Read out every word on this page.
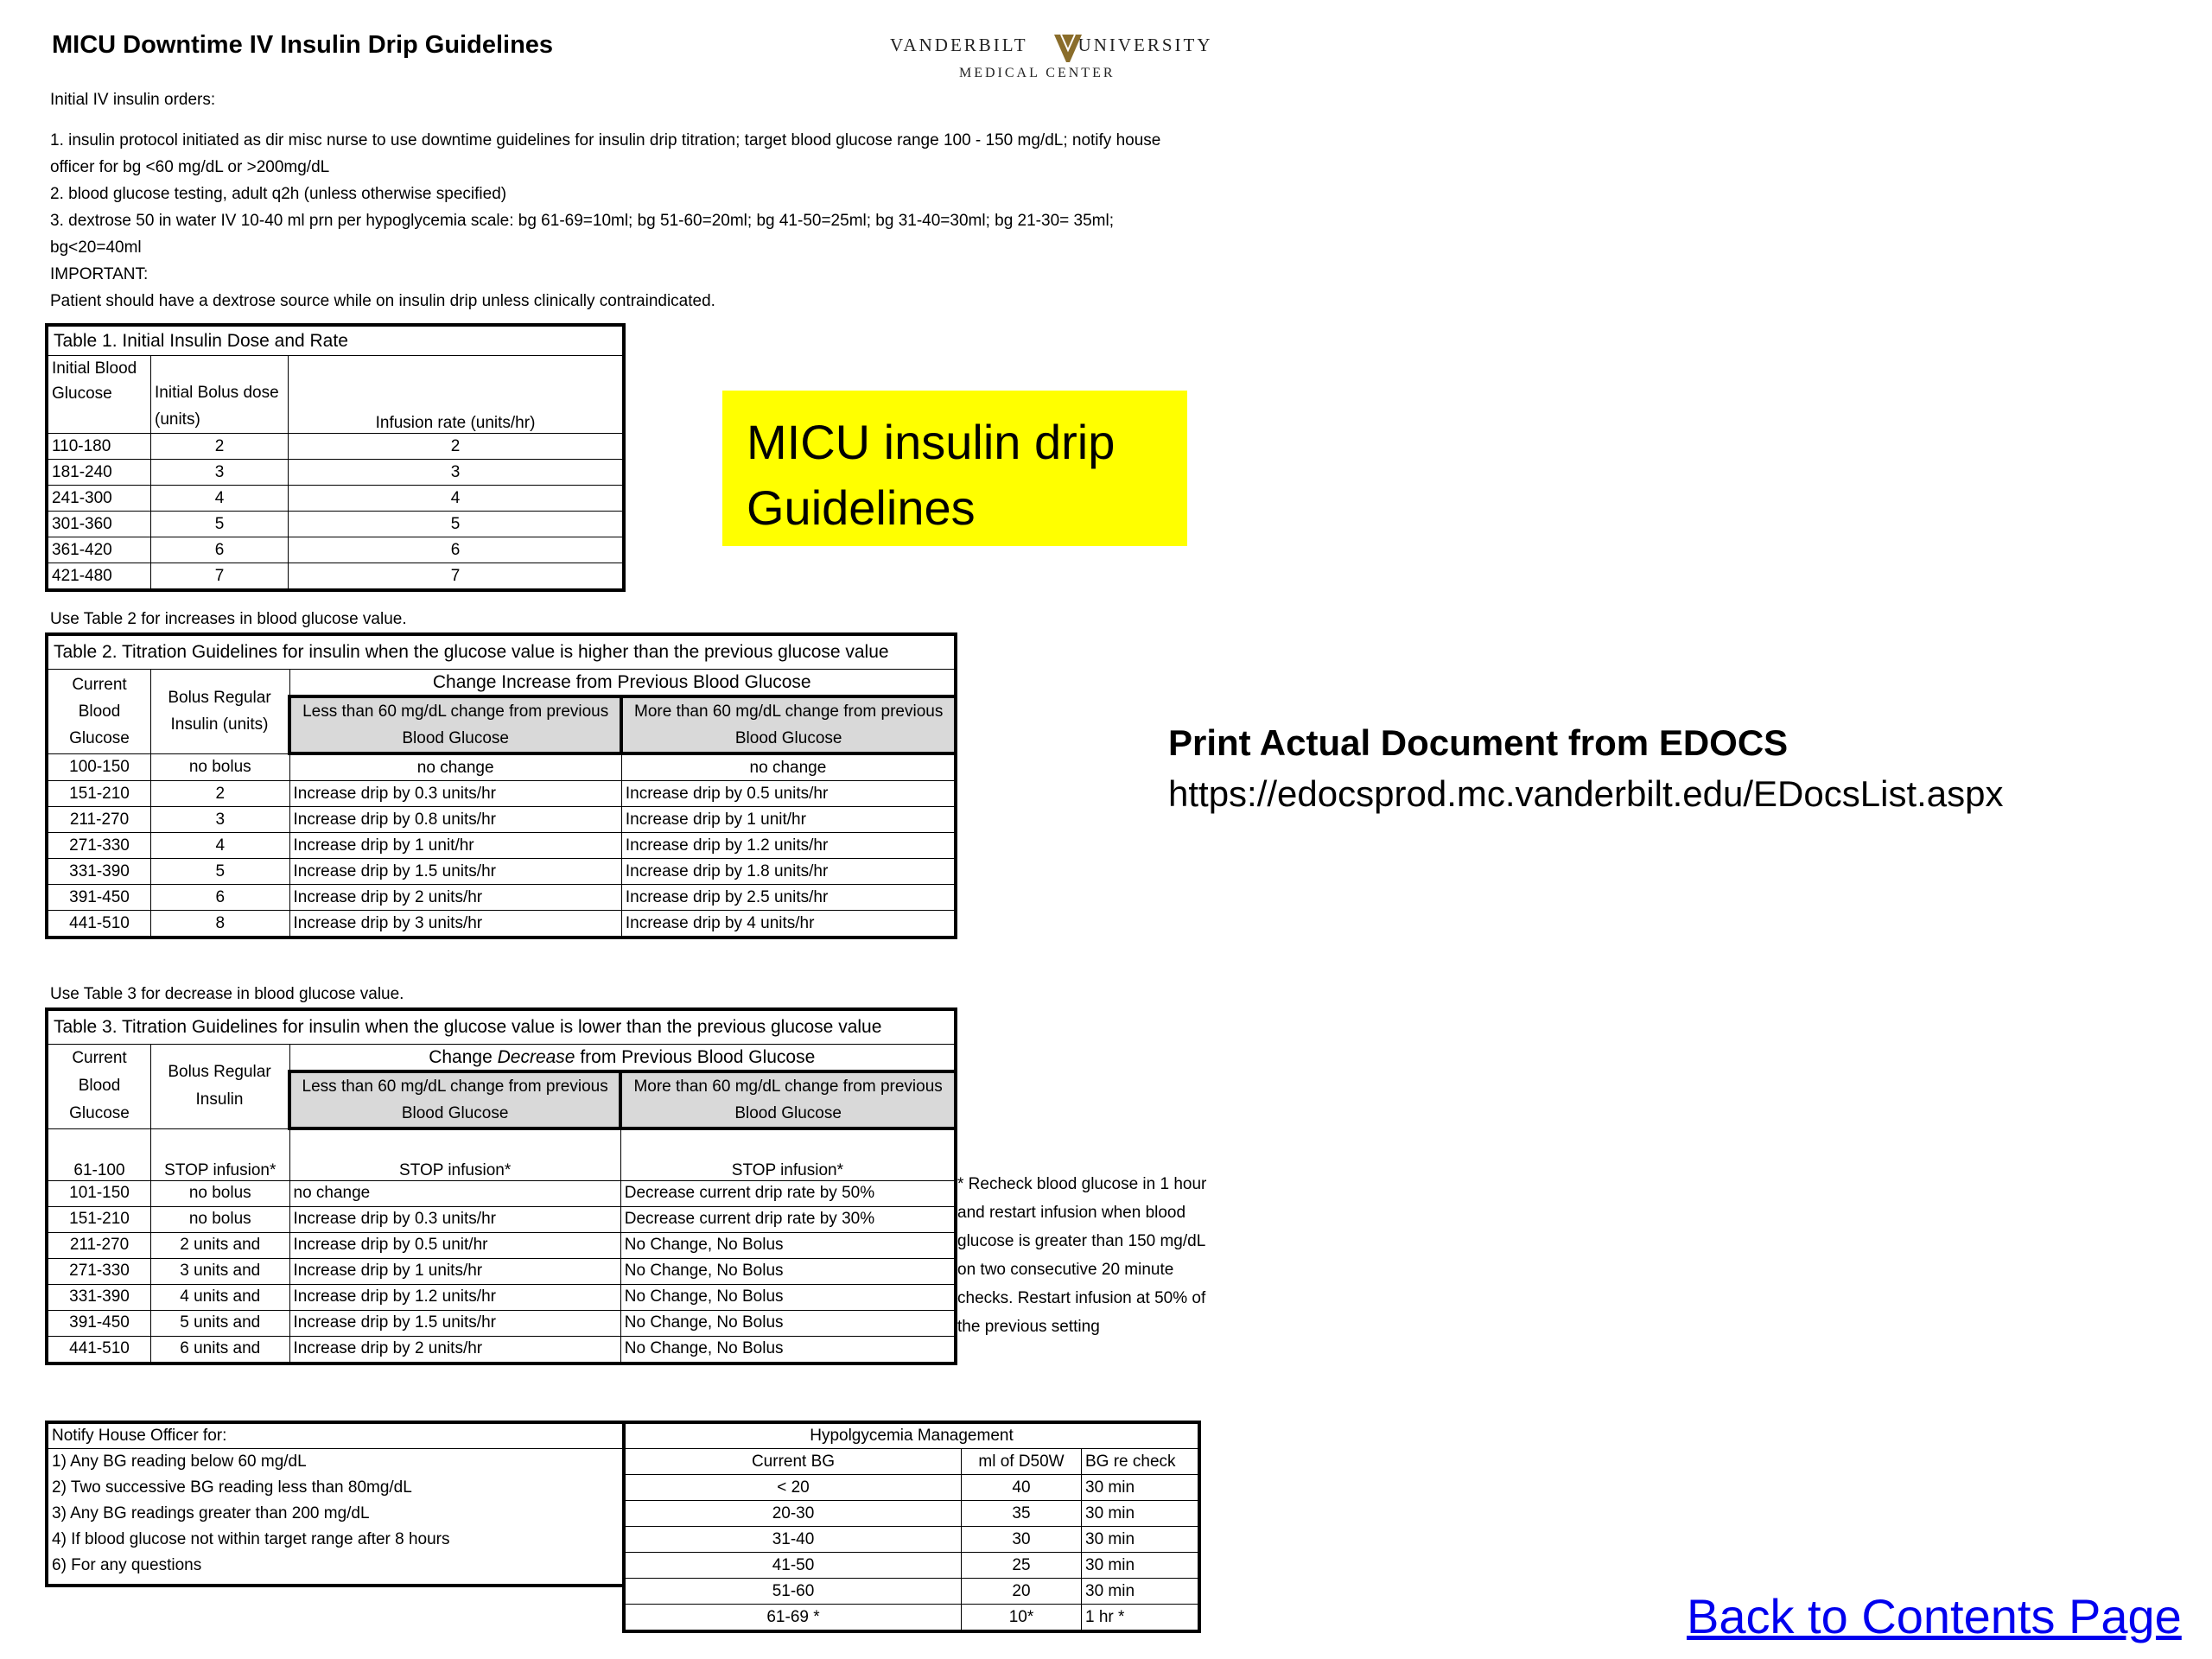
MICU Downtime IV Insulin Drip Guidelines	VANDERBILT	UNIVERSITY
MEDICAL CENTER
Initial IV insulin orders:
1. insulin protocol initiated as dir misc nurse to use downtime guidelines for insulin drip titration; target blood glucose range 100 - 150 mg/dL; notify house officer for bg <60 mg/dL or >200mg/dL
2. blood glucose testing, adult q2h (unless otherwise specified)
3. dextrose 50 in water IV 10-40 ml prn per hypoglycemia scale: bg 61-69=10ml; bg 51-60=20ml; bg 41-50=25ml; bg 31-40=30ml; bg 21-30= 35ml; bg<20=40ml
IMPORTANT:
Patient should have a dextrose source while on insulin drip unless clinically contraindicated.
Table 1. Initial Insulin Dose and Rate		
Initial Blood Glucose	Initial Bolus dose (units)	Infusion rate (units/hr)
110-180	2	2
181-240	3	3
241-300	4	4
301-360	5	5
361-420	6	6
421-480	7	7
MICU insulin drip
Guidelines
Use Table 2 for increases in blood glucose value.
Table 2. Titration Guidelines for insulin when the glucose value is higher than the previous glucose value			
Current Blood Glucose	Bolus Regular Insulin (units)	Change Increase from Previous Blood Glucose	
		Less than 60 mg/dL change from previous Blood Glucose	More than 60 mg/dL change from previous Blood Glucose
100-150	no bolus	no change	no change
151-210	2	Increase drip by 0.3 units/hr	Increase drip by 0.5 units/hr
211-270	3	Increase drip by 0.8 units/hr	Increase drip by 1 unit/hr
271-330	4	Increase drip by 1 unit/hr	Increase drip by 1.2 units/hr
331-390	5	Increase drip by 1.5 units/hr	Increase drip by 1.8 units/hr
391-450	6	Increase drip by 2 units/hr	Increase drip by 2.5 units/hr
441-510	8	Increase drip by 3 units/hr	Increase drip by 4 units/hr
Use Table 3 for decrease in blood glucose value.
Table 3. Titration Guidelines for insulin when the glucose value is lower than the previous glucose value			
Current Blood Glucose	Bolus Regular Insulin	Change Decrease from Previous Blood Glucose	
		Less than 60 mg/dL change from previous Blood Glucose	More than 60 mg/dL change from previous Blood Glucose
61-100	STOP infusion*	STOP infusion*	STOP infusion*
101-150	no bolus	no change	Decrease current drip rate by 50%
151-210	no bolus	Increase drip by 0.3 units/hr	Decrease current drip rate by 30%
211-270	2 units and	Increase drip by 0.5 unit/hr	No Change, No Bolus
271-330	3 units and	Increase drip by 1 units/hr	No Change, No Bolus
331-390	4 units and	Increase drip by 1.2 units/hr	No Change, No Bolus
391-450	5 units and	Increase drip by 1.5 units/hr	No Change, No Bolus
441-510	6 units and	Increase drip by 2 units/hr	No Change, No Bolus
* Recheck blood glucose in 1 hour and restart infusion when blood glucose is greater than 150 mg/dL on two consecutive 20 minute checks. Restart infusion at 50% of the previous setting
Notify House Officer for:

1) Any BG reading below 60 mg/dL
2) Two successive BG reading less than 80mg/dL
3) Any BG readings greater than 200 mg/dL
4) If blood glucose not within target range after 8 hours
6) For any questions
Hypolgycemia Management		
Current BG	ml of D50W	BG re check
< 20	40	30 min
20-30	35	30 min
31-40	30	30 min
41-50	25	30 min
51-60	20	30 min
61-69 *	10*	1 hr *
Print Actual Document from EDOCS
https://edocsprod.mc.vanderbilt.edu/EDocsList.aspx
Back to Contents Page
